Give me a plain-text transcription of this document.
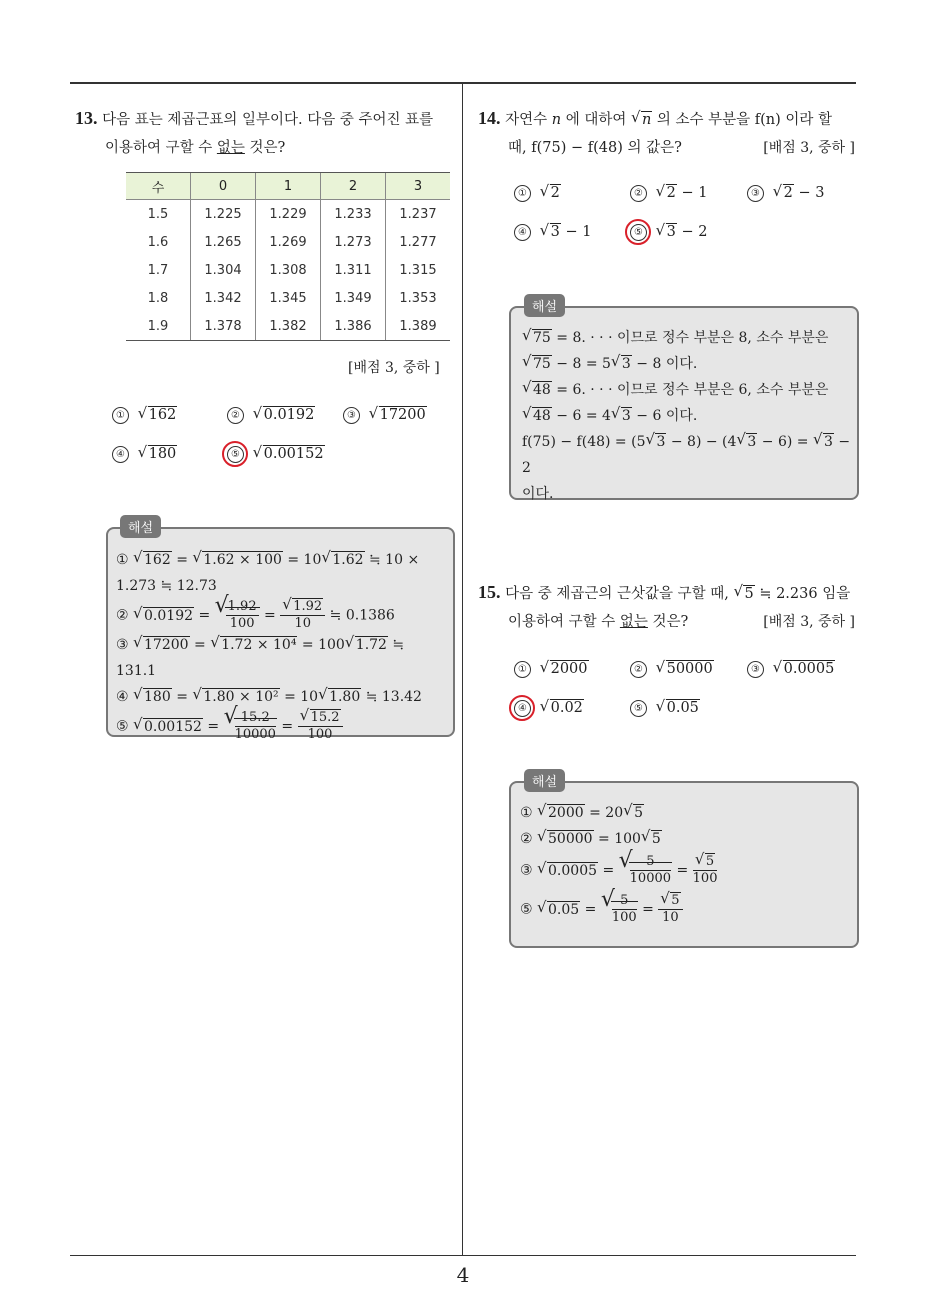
4
13. 다음 표는 제곱근표의 일부이다. 다음 중 주어진 표를
이용하여 구할 수 없는 것은?
수	0	1	2	3
1.5	1.225	1.229	1.233	1.237
1.6	1.265	1.269	1.273	1.277
1.7	1.304	1.308	1.311	1.315
1.8	1.342	1.345	1.349	1.353
1.9	1.378	1.382	1.386	1.389
[배점 3, 중하 ]
① √ 162	② √ 0.0192	③ √ 17200
④ √ 180	⑤ √ 0.00152
해설
① √ 162 = √ 1.62 × 100 = 10 √ 1.62 ≒ 10 ×
1.273 ≒ 12.73
② √ 0.0192 = √
$\frac{1.92}{100} = \frac{√ 1.92}{10}$ ≒ 0.1386
③ √ 17200 = √ 1.72 × 10⁴ = 100 √ 1.72 ≒ 131.1
④ √ 180 = √ 1.80 × 10² = 10 √ 1.80 ≒ 13.42
⑤ √ 0.00152 = √
$\frac{15.2}{10000} = \frac{√ 15.2}{100}$
14. 자연수 n 에 대하여 √ n 의 소수 부분을 f(n) 이라 할
때, f(75) − f(48) 의 값은?	[배점 3, 중하 ]
① √ 2	② √ 2 − 1	③ √ 2 − 3
④ √ 3 − 1	⑤ √ 3 − 2
해설
√ 75 = 8. · · · 이므로 정수 부분은 8, 소수 부분은
√ 75 − 8 = 5 √ 3 − 8 이다.
√ 48 = 6. · · · 이므로 정수 부분은 6, 소수 부분은
√ 48 − 6 = 4 √ 3 − 6 이다.
f(75) − f(48) = (5 √ 3 − 8) − (4 √ 3 − 6) = √ 3 − 2
이다.
15. 다음 중 제곱근의 근삿값을 구할 때, √ 5 ≒ 2.236 임을
이용하여 구할 수 없는 것은?	[배점 3, 중하 ]
① √ 2000	② √ 50000	③ √ 0.0005
④ √ 0.02	⑤ √ 0.05
해설
① √ 2000 = 20 √ 5
② √ 50000 = 100 √ 5
③ √ 0.0005 = √
$\frac{5}{10000} = \frac{√ 5}{100}$
⑤ √ 0.05 = √
$\frac{5}{100} = \frac{√ 5}{10}$
